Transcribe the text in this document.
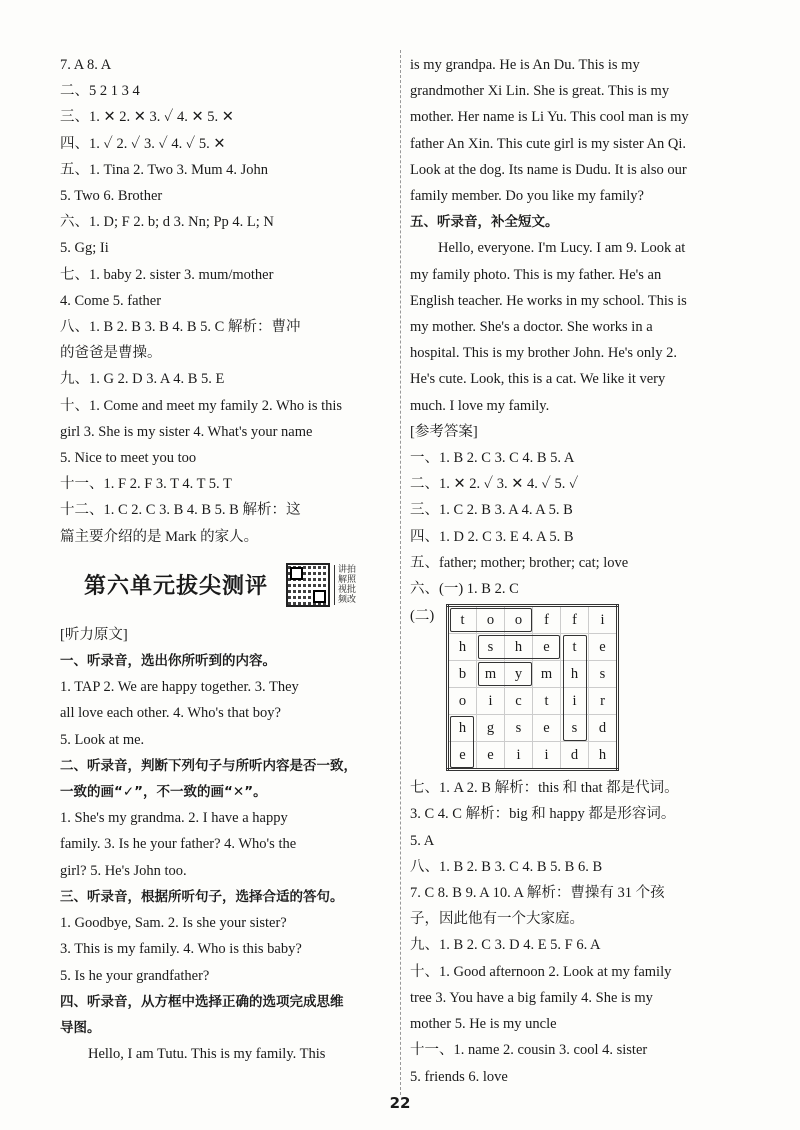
7. A 8. A
二、5 2 1 3 4
三、1. ✕ 2. ✕ 3. ✓ 4. ✕ 5. ✕
四、1. ✓ 2. ✓ 3. ✓ 4. ✓ 5. ✕
五、1. Tina 2. Two 3. Mum 4. John
5. Two 6. Brother
六、1. D; F 2. b; d 3. Nn; Pp 4. L; N
5. Gg; Ii
七、1. baby 2. sister 3. mum/mother
4. Come 5. father
八、1. B 2. B 3. B 4. B 5. C 解析：曹冲
的爸爸是曹操。
九、1. G 2. D 3. A 4. B 5. E
十、1. Come and meet my family 2. Who is this
girl 3. She is my sister 4. What's your name
5. Nice to meet you too
十一、1. F 2. F 3. T 4. T 5. T
十二、1. C 2. C 3. B 4. B 5. B 解析：这
篇主要介绍的是 Mark 的家人。
第六单元拔尖测评
讲拍
解照
视批
频改
[听力原文]
一、听录音，选出你所听到的内容。
1. TAP 2. We are happy together. 3. They
all love each other. 4. Who's that boy?
5. Look at me.
二、听录音，判断下列句子与所听内容是否一致，
一致的画“✓”，不一致的画“✕”。
1. She's my grandma. 2. I have a happy
family. 3. Is he your father? 4. Who's the
girl? 5. He's John too.
三、听录音，根据所听句子，选择合适的答句。
1. Goodbye, Sam. 2. Is she your sister?
3. This is my family. 4. Who is this baby?
5. Is he your grandfather?
四、听录音，从方框中选择正确的选项完成思维
导图。
Hello, I am Tutu. This is my family. This
is my grandpa. He is An Du. This is my
grandmother Xi Lin. She is great. This is my
mother. Her name is Li Yu. This cool man is my
father An Xin. This cute girl is my sister An Qi.
Look at the dog. Its name is Dudu. It is also our
family member. Do you like my family?
五、听录音，补全短文。
Hello, everyone. I'm Lucy. I am 9. Look at
my family photo. This is my father. He's an
English teacher. He works in my school. This is
my mother. She's a doctor. She works in a
hospital. This is my brother John. He's only 2.
He's cute. Look, this is a cat. We like it very
much. I love my family.
[参考答案]
一、1. B 2. C 3. C 4. B 5. A
二、1. ✕ 2. ✓ 3. ✕ 4. ✓ 5. ✓
三、1. C 2. B 3. A 4. A 5. B
四、1. D 2. C 3. E 4. A 5. B
五、father; mother; brother; cat; love
六、(一) 1. B 2. C
(二)	t	o	o	f	f	i
h	s	h	e	t	e
b	m	y	m	h	s
o	i	c	t	i	r
h	g	s	e	s	d
e	e	i	i	d	h
七、1. A 2. B 解析：this 和 that 都是代词。
3. C 4. C 解析：big 和 happy 都是形容词。
5. A
八、1. B 2. B 3. C 4. B 5. B 6. B
7. C 8. B 9. A 10. A 解析：曹操有 31 个孩
子，因此他有一个大家庭。
九、1. B 2. C 3. D 4. E 5. F 6. A
十、1. Good afternoon 2. Look at my family
tree 3. You have a big family 4. She is my
mother 5. He is my uncle
十一、1. name 2. cousin 3. cool 4. sister
5. friends 6. love
22
